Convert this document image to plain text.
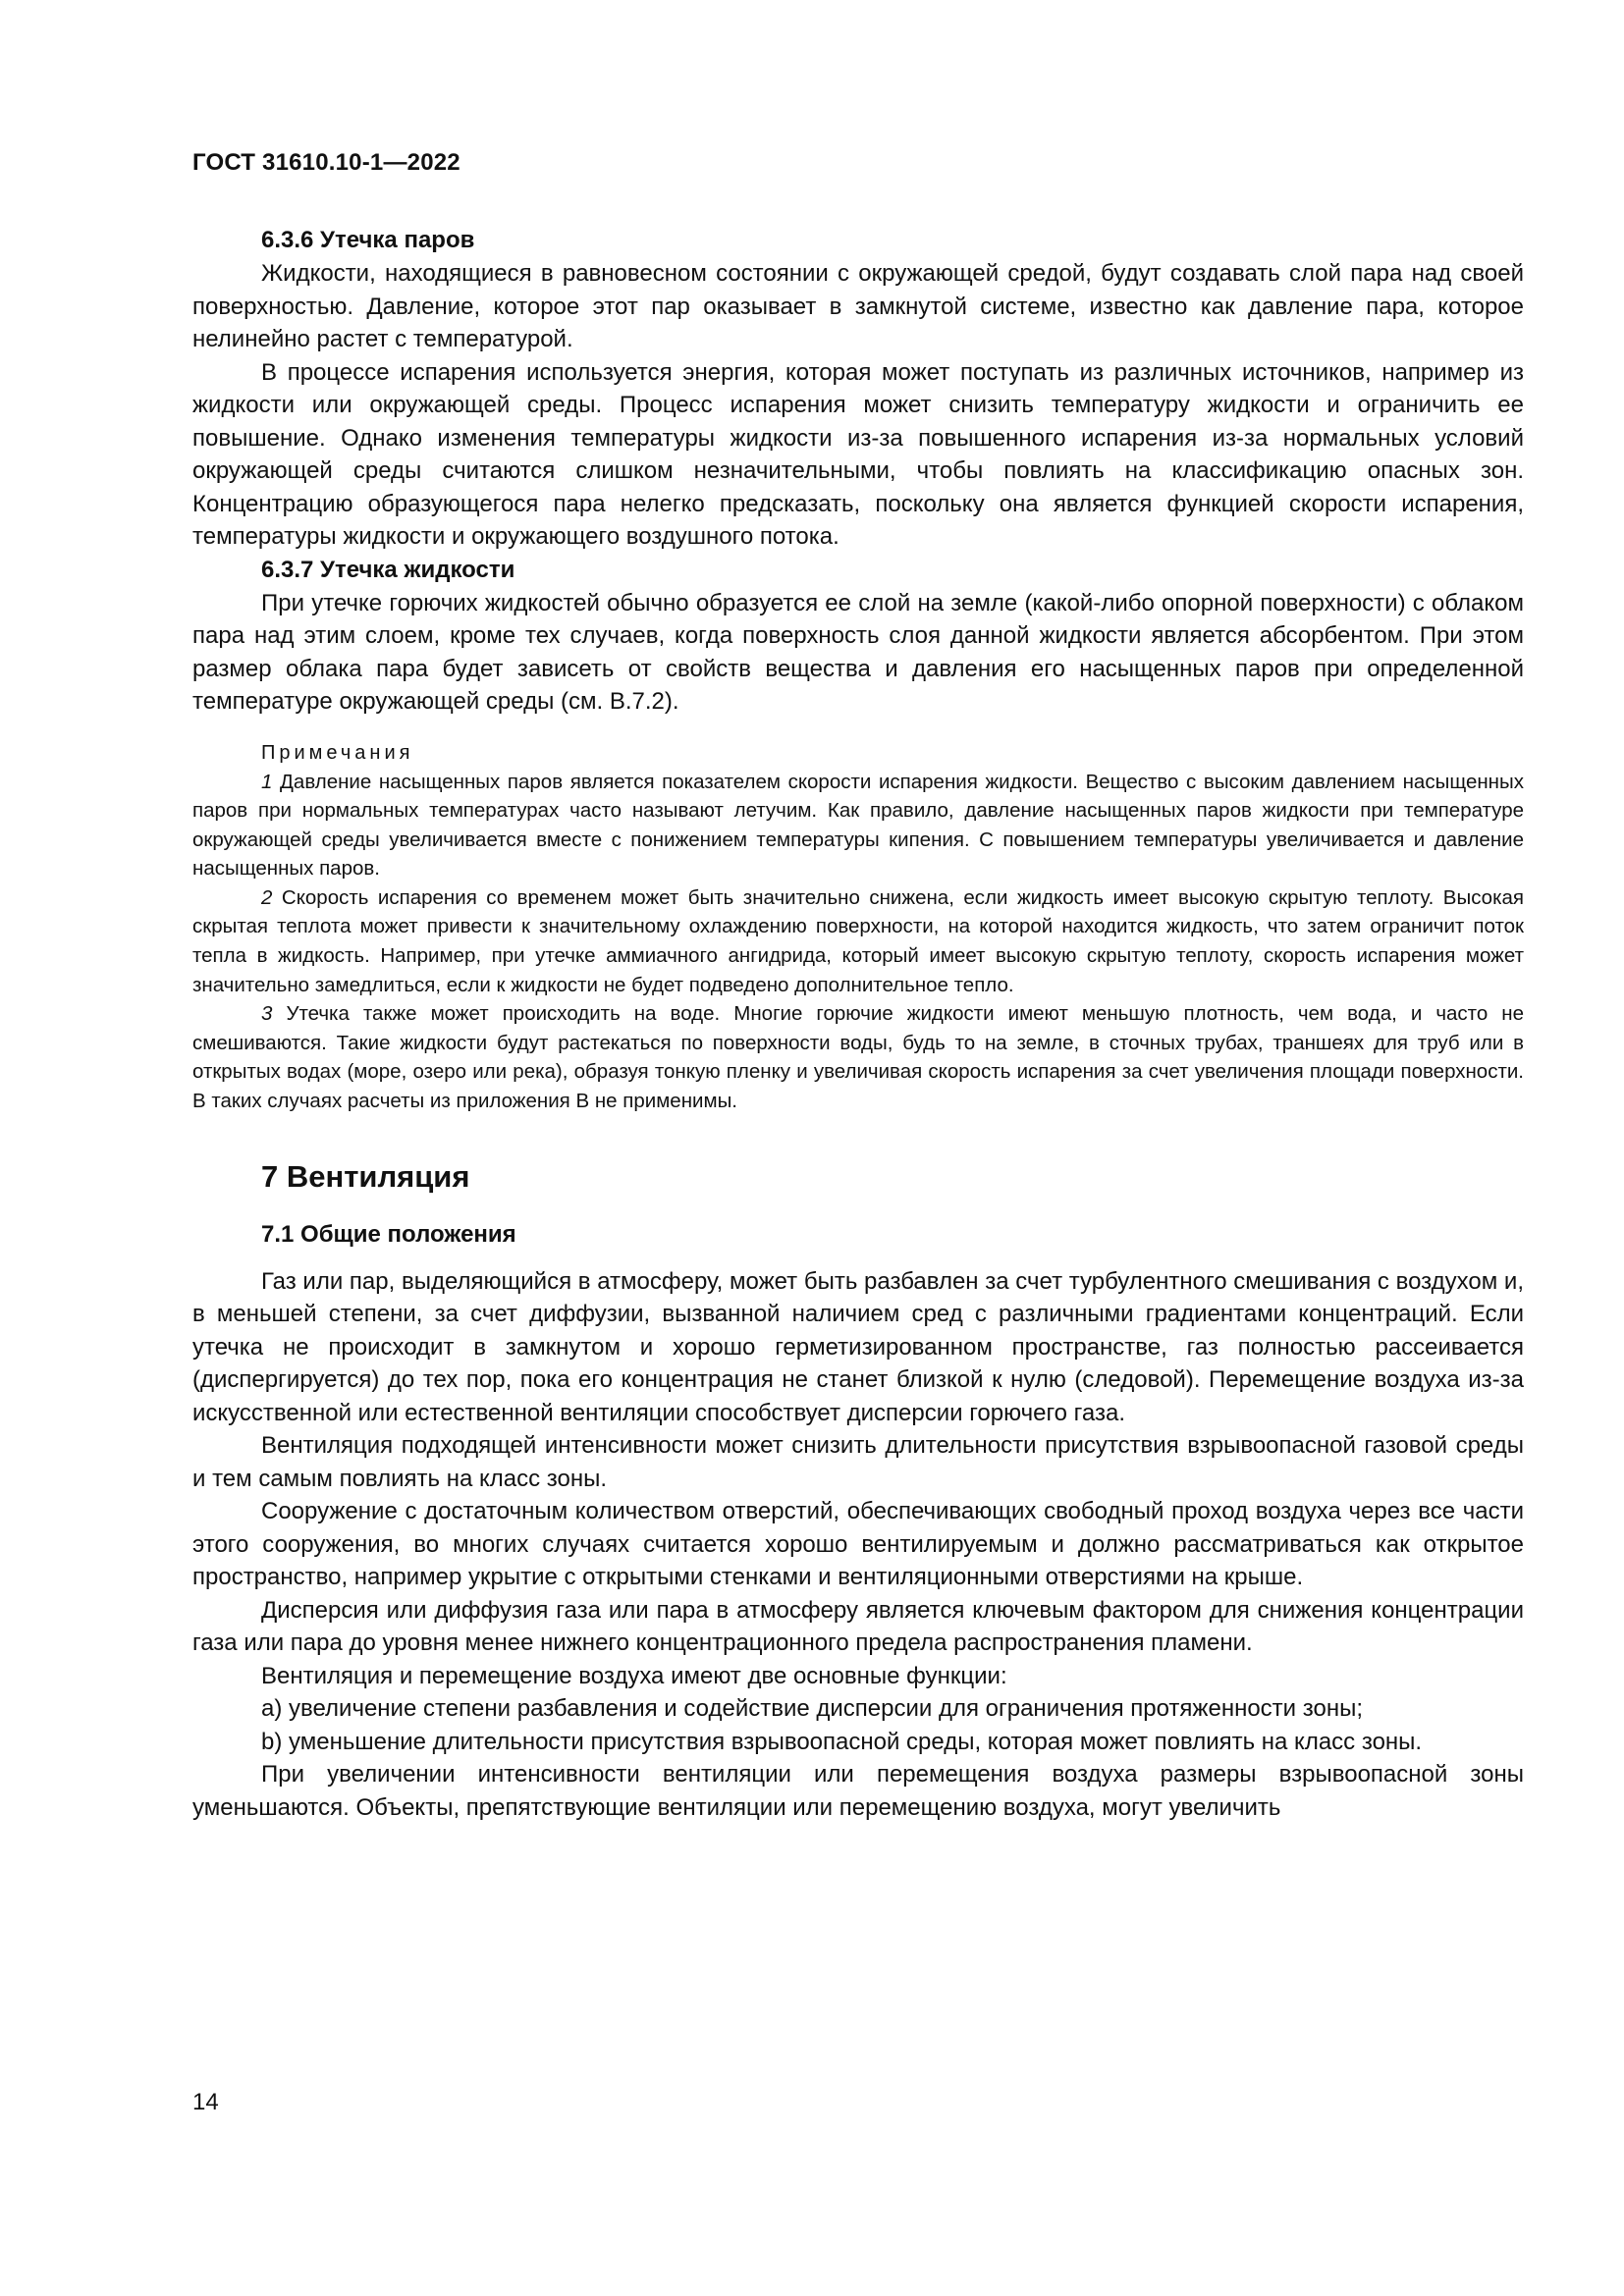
ГОСТ 31610.10-1—2022

6.3.6 Утечка паров

Жидкости, находящиеся в равновесном состоянии с окружающей средой, будут создавать слой пара над своей поверхностью. Давление, которое этот пар оказывает в замкнутой системе, известно как давление пара, которое нелинейно растет с температурой.

В процессе испарения используется энергия, которая может поступать из различных источников, например из жидкости или окружающей среды. Процесс испарения может снизить температуру жидкости и ограничить ее повышение. Однако изменения температуры жидкости из-за повышенного испарения из-за нормальных условий окружающей среды считаются слишком незначительными, чтобы повлиять на классификацию опасных зон. Концентрацию образующегося пара нелегко предсказать, поскольку она является функцией скорости испарения, температуры жидкости и окружающего воздушного потока.

6.3.7 Утечка жидкости

При утечке горючих жидкостей обычно образуется ее слой на земле (какой-либо опорной поверхности) с облаком пара над этим слоем, кроме тех случаев, когда поверхность слоя данной жидкости является абсорбентом. При этом размер облака пара будет зависеть от свойств вещества и давления его насыщенных паров при определенной температуре окружающей среды (см. В.7.2).

Примечания

1 Давление насыщенных паров является показателем скорости испарения жидкости. Вещество с высоким давлением насыщенных паров при нормальных температурах часто называют летучим. Как правило, давление насыщенных паров жидкости при температуре окружающей среды увеличивается вместе с понижением температуры кипения. С повышением температуры увеличивается и давление насыщенных паров.

2 Скорость испарения со временем может быть значительно снижена, если жидкость имеет высокую скрытую теплоту. Высокая скрытая теплота может привести к значительному охлаждению поверхности, на которой находится жидкость, что затем ограничит поток тепла в жидкость. Например, при утечке аммиачного ангидрида, который имеет высокую скрытую теплоту, скорость испарения может значительно замедлиться, если к жидкости не будет подведено дополнительное тепло.

3 Утечка также может происходить на воде. Многие горючие жидкости имеют меньшую плотность, чем вода, и часто не смешиваются. Такие жидкости будут растекаться по поверхности воды, будь то на земле, в сточных трубах, траншеях для труб или в открытых водах (море, озеро или река), образуя тонкую пленку и увеличивая скорость испарения за счет увеличения площади поверхности. В таких случаях расчеты из приложения В не применимы.

7 Вентиляция

7.1 Общие положения

Газ или пар, выделяющийся в атмосферу, может быть разбавлен за счет турбулентного смешивания с воздухом и, в меньшей степени, за счет диффузии, вызванной наличием сред с различными градиентами концентраций. Если утечка не происходит в замкнутом и хорошо герметизированном пространстве, газ полностью рассеивается (диспергируется) до тех пор, пока его концентрация не станет близкой к нулю (следовой). Перемещение воздуха из-за искусственной или естественной вентиляции способствует дисперсии горючего газа.

Вентиляция подходящей интенсивности может снизить длительности присутствия взрывоопасной газовой среды и тем самым повлиять на класс зоны.

Сооружение с достаточным количеством отверстий, обеспечивающих свободный проход воздуха через все части этого сооружения, во многих случаях считается хорошо вентилируемым и должно рассматриваться как открытое пространство, например укрытие с открытыми стенками и вентиляционными отверстиями на крыше.

Дисперсия или диффузия газа или пара в атмосферу является ключевым фактором для снижения концентрации газа или пара до уровня менее нижнего концентрационного предела распространения пламени.

Вентиляция и перемещение воздуха имеют две основные функции:

a) увеличение степени разбавления и содействие дисперсии для ограничения протяженности зоны;

b) уменьшение длительности присутствия взрывоопасной среды, которая может повлиять на класс зоны.

При увеличении интенсивности вентиляции или перемещения воздуха размеры взрывоопасной зоны уменьшаются. Объекты, препятствующие вентиляции или перемещению воздуха, могут увеличить

14
